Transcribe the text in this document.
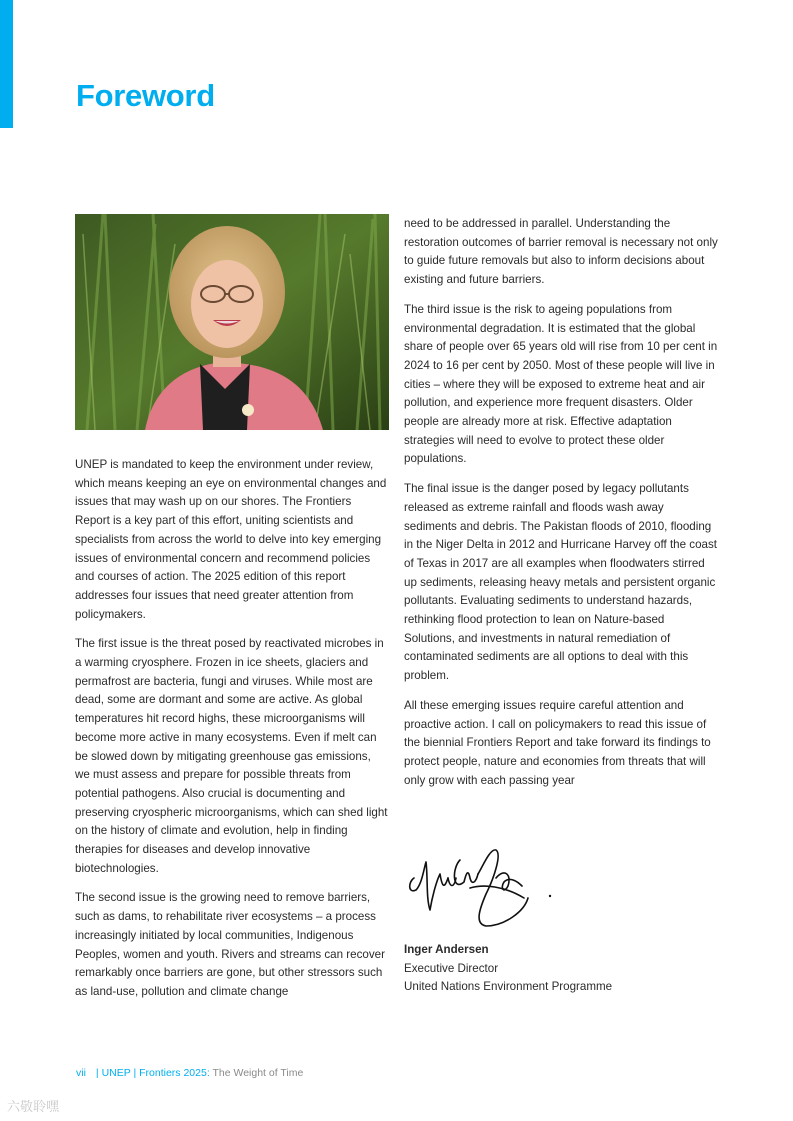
Foreword

UNEP is mandated to keep the environment under review, which means keeping an eye on environmental changes and issues that may wash up on our shores. The Frontiers Report is a key part of this effort, uniting scientists and specialists from across the world to delve into key emerging issues of environmental concern and recommend policies and courses of action. The 2025 edition of this report addresses four issues that need greater attention from policymakers.

The first issue is the threat posed by reactivated microbes in a warming cryosphere. Frozen in ice sheets, glaciers and permafrost are bacteria, fungi and viruses. While most are dead, some are dormant and some are active. As global temperatures hit record highs, these microorganisms will become more active in many ecosystems. Even if melt can be slowed down by mitigating greenhouse gas emissions, we must assess and prepare for possible threats from potential pathogens. Also crucial is documenting and preserving cryospheric microorganisms, which can shed light on the history of climate and evolution, help in finding therapies for diseases and develop innovative biotechnologies.

The second issue is the growing need to remove barriers, such as dams, to rehabilitate river ecosystems – a process increasingly initiated by local communities, Indigenous Peoples, women and youth. Rivers and streams can recover remarkably once barriers are gone, but other stressors such as land-use, pollution and climate change

need to be addressed in parallel. Understanding the restoration outcomes of barrier removal is necessary not only to guide future removals but also to inform decisions about existing and future barriers.

The third issue is the risk to ageing populations from environmental degradation. It is estimated that the global share of people over 65 years old will rise from 10 per cent in 2024 to 16 per cent by 2050. Most of these people will live in cities – where they will be exposed to extreme heat and air pollution, and experience more frequent disasters. Older people are already more at risk. Effective adaptation strategies will need to evolve to protect these older populations.

The final issue is the danger posed by legacy pollutants released as extreme rainfall and floods wash away sediments and debris. The Pakistan floods of 2010, flooding in the Niger Delta in 2012 and Hurricane Harvey off the coast of Texas in 2017 are all examples when floodwaters stirred up sediments, releasing heavy metals and persistent organic pollutants. Evaluating sediments to understand hazards, rethinking flood protection to lean on Nature-based Solutions, and investments in natural remediation of contaminated sediments are all options to deal with this problem.

All these emerging issues require careful attention and proactive action. I call on policymakers to read this issue of the biennial Frontiers Report and take forward its findings to protect people, nature and economies from threats that will only grow with each passing year

Inger Andersen
Executive Director
United Nations Environment Programme
vii | UNEP | Frontiers 2025: The Weight of Time
六敬聆嘿
